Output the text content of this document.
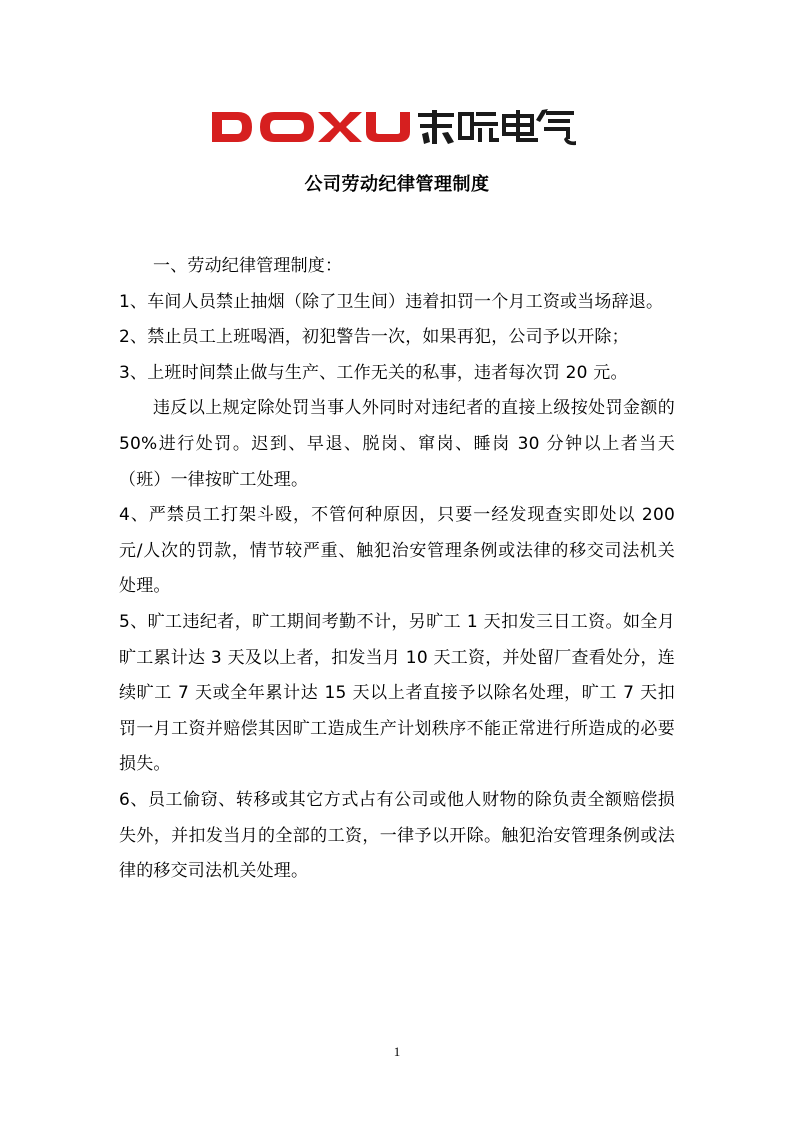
公司劳动纪律管理制度

一、劳动纪律管理制度：

1、车间人员禁止抽烟（除了卫生间）违着扣罚一个月工资或当场辞退。

2、禁止员工上班喝酒，初犯警告一次，如果再犯，公司予以开除；

3、上班时间禁止做与生产、工作无关的私事，违者每次罚 20 元。

违反以上规定除处罚当事人外同时对违纪者的直接上级按处罚金额的 50%进行处罚。迟到、早退、脱岗、窜岗、睡岗 30 分钟以上者当天（班）一律按旷工处理。

4、严禁员工打架斗殴，不管何种原因，只要一经发现查实即处以 200 元/人次的罚款，情节较严重、触犯治安管理条例或法律的移交司法机关处理。

5、旷工违纪者，旷工期间考勤不计，另旷工 1 天扣发三日工资。如全月旷工累计达 3 天及以上者，扣发当月 10 天工资，并处留厂查看处分，连续旷工 7 天或全年累计达 15 天以上者直接予以除名处理，旷工 7 天扣罚一月工资并赔偿其因旷工造成生产计划秩序不能正常进行所造成的必要损失。

6、员工偷窃、转移或其它方式占有公司或他人财物的除负责全额赔偿损失外，并扣发当月的全部的工资，一律予以开除。触犯治安管理条例或法律的移交司法机关处理。

1
